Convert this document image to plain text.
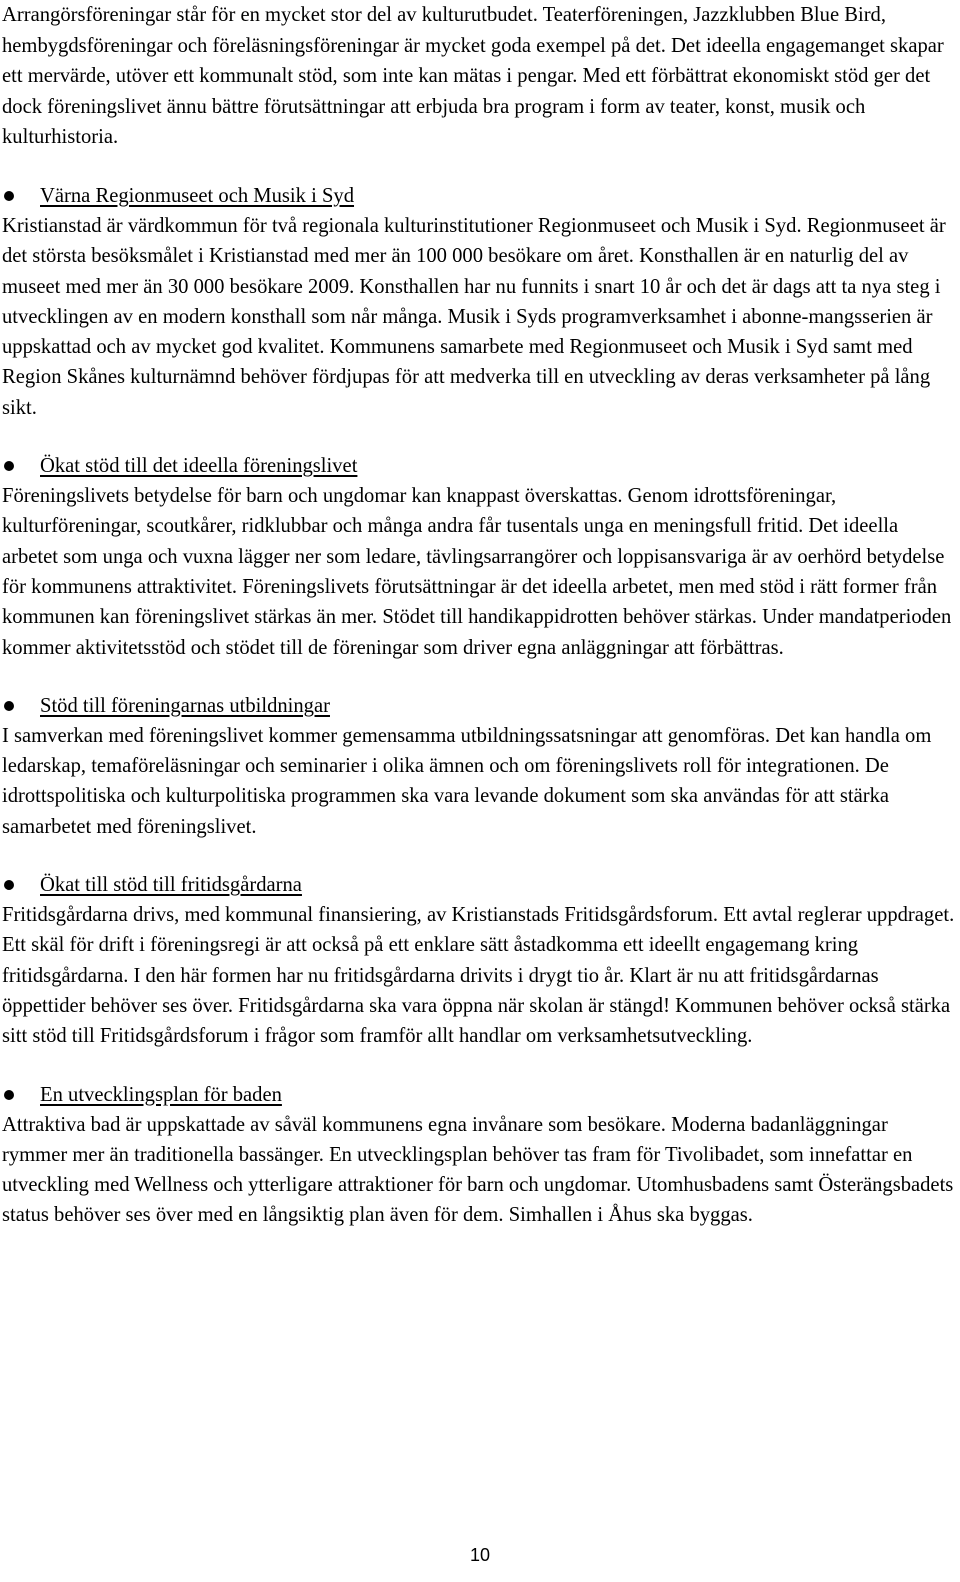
Arrangörsföreningar står för en mycket stor del av kulturutbudet. Teaterföreningen, Jazzklubben Blue Bird, hembygdsföreningar och föreläsningsföreningar är mycket goda exempel på det. Det ideella engagemanget skapar ett mervärde, utöver ett kommunalt stöd, som inte kan mätas i pengar. Med ett förbättrat ekonomiskt stöd ger det dock föreningslivet ännu bättre förutsättningar att erbjuda bra program i form av teater, konst, musik och kulturhistoria.

Värna Regionmuseet och Musik i Syd

Kristianstad är värdkommun för två regionala kulturinstitutioner Regionmuseet och Musik i Syd. Regionmuseet är det största besöksmålet i Kristianstad med mer än 100 000 besökare om året. Konsthallen är en naturlig del av museet med mer än 30 000 besökare 2009. Konsthallen har nu funnits i snart 10 år och det är dags att ta nya steg i utvecklingen av en modern konsthall som når många. Musik i Syds programverksamhet i abonne-mangsserien är uppskattad och av mycket god kvalitet. Kommunens samarbete med Regionmuseet och Musik i Syd samt med Region Skånes kulturnämnd behöver fördjupas för att medverka till en utveckling av deras verksamheter på lång sikt.

Ökat stöd till det ideella föreningslivet

Föreningslivets betydelse för barn och ungdomar kan knappast överskattas. Genom idrottsföreningar, kulturföreningar, scoutkårer, ridklubbar och många andra får tusentals unga en meningsfull fritid. Det ideella arbetet som unga och vuxna lägger ner som ledare, tävlingsarrangörer och loppisansvariga är av oerhörd betydelse för kommunens attraktivitet. Föreningslivets förutsättningar är det ideella arbetet, men med stöd i rätt former från kommunen kan föreningslivet stärkas än mer. Stödet till handikappidrotten behöver stärkas. Under mandatperioden kommer aktivitetsstöd och stödet till de föreningar som driver egna anläggningar att förbättras.

Stöd till föreningarnas utbildningar

I samverkan med föreningslivet kommer gemensamma utbildningssatsningar att genomföras. Det kan handla om ledarskap, temaföreläsningar och seminarier i olika ämnen och om föreningslivets roll för integrationen. De idrottspolitiska och kulturpolitiska programmen ska vara levande dokument som ska användas för att stärka samarbetet med föreningslivet.

Ökat till stöd till fritidsgårdarna

Fritidsgårdarna drivs, med kommunal finansiering, av Kristianstads Fritidsgårdsforum. Ett avtal reglerar uppdraget. Ett skäl för drift i föreningsregi är att också på ett enklare sätt åstadkomma ett ideellt engagemang kring fritidsgårdarna. I den här formen har nu fritidsgårdarna drivits i drygt tio år. Klart är nu att fritidsgårdarnas öppettider behöver ses över. Fritidsgårdarna ska vara öppna när skolan är stängd! Kommunen behöver också stärka sitt stöd till Fritidsgårdsforum i frågor som framför allt handlar om verksamhetsutveckling.

En utvecklingsplan för baden

Attraktiva bad är uppskattade av såväl kommunens egna invånare som besökare. Moderna badanläggningar rymmer mer än traditionella bassänger. En utvecklingsplan behöver tas fram för Tivolibadet, som innefattar en utveckling med Wellness och ytterligare attraktioner för barn och ungdomar. Utomhusbadens samt Österängsbadets status behöver ses över med en långsiktig plan även för dem. Simhallen i Åhus ska byggas.

10
